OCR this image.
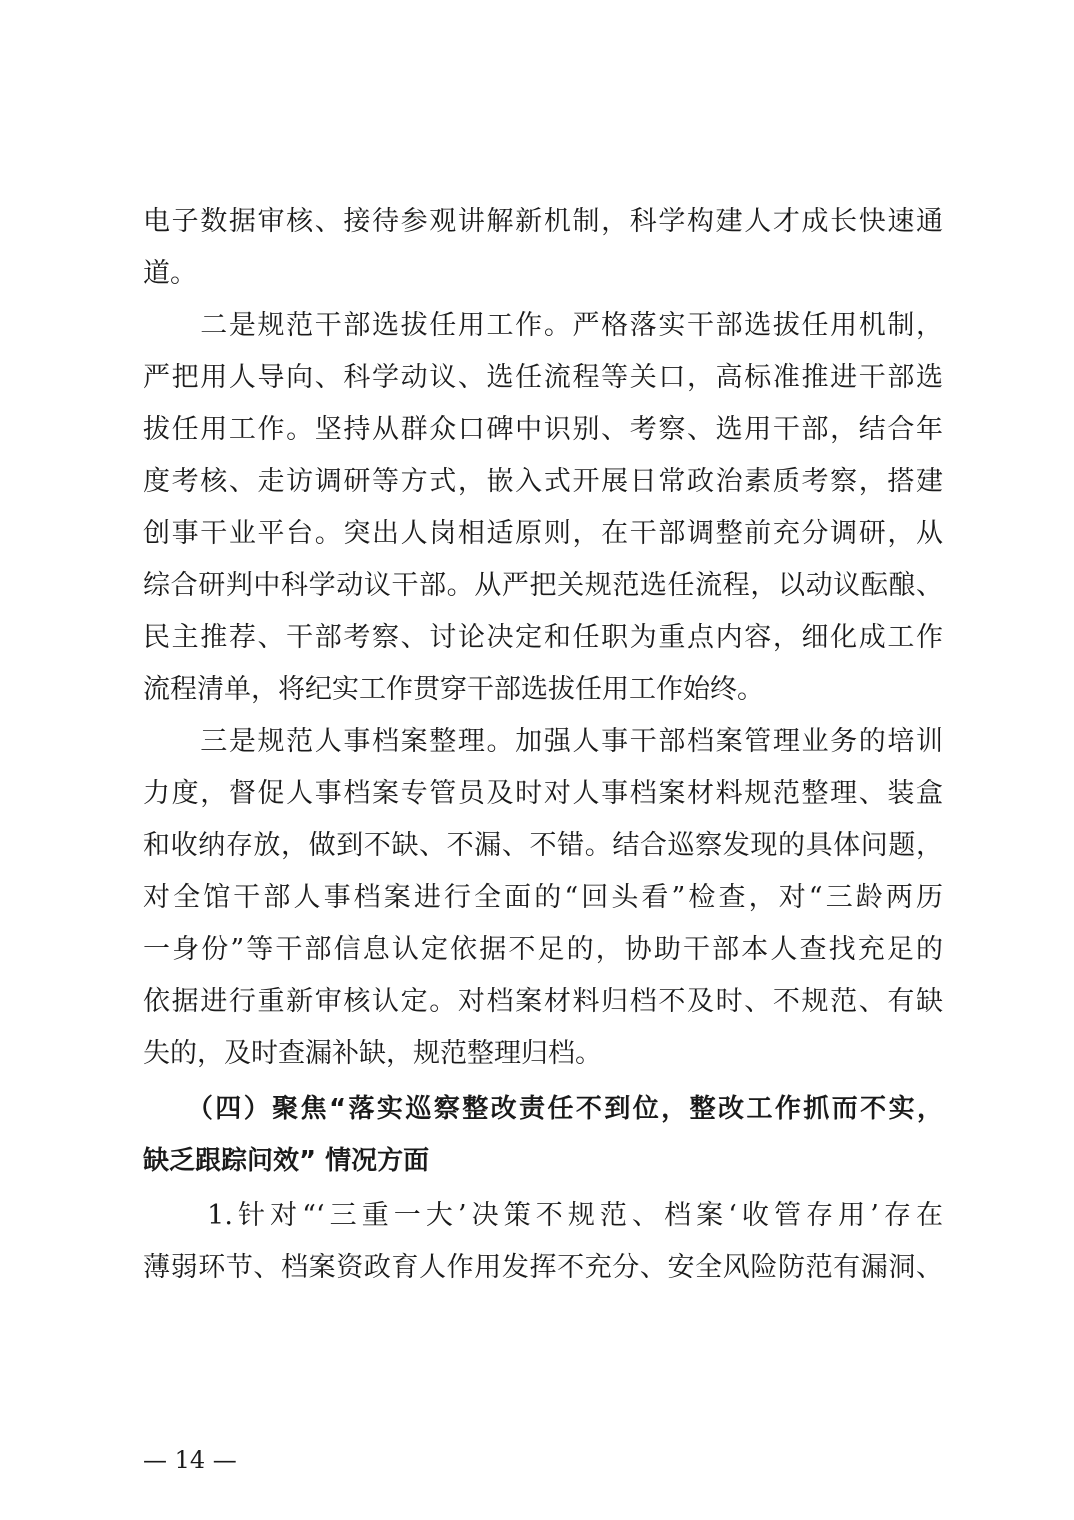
电子数据审核、接待参观讲解新机制，科学构建人才成长快速通
道。
　　二是规范干部选拔任用工作。严格落实干部选拔任用机制，
严把用人导向、科学动议、选任流程等关口，高标准推进干部选
拔任用工作。坚持从群众口碑中识别、考察、选用干部，结合年
度考核、走访调研等方式，嵌入式开展日常政治素质考察，搭建
创事干业平台。突出人岗相适原则，在干部调整前充分调研，从
综合研判中科学动议干部。从严把关规范选任流程，以动议酝酿、
民主推荐、干部考察、讨论决定和任职为重点内容，细化成工作
流程清单，将纪实工作贯穿干部选拔任用工作始终。
　　三是规范人事档案整理。加强人事干部档案管理业务的培训
力度，督促人事档案专管员及时对人事档案材料规范整理、装盒
和收纳存放，做到不缺、不漏、不错。结合巡察发现的具体问题，
对全馆干部人事档案进行全面的“回头看”检查，对“三龄两历
一身份”等干部信息认定依据不足的，协助干部本人查找充足的
依据进行重新审核认定。对档案材料归档不及时、不规范、有缺
失的，及时查漏补缺，规范整理归档。
　　（四）聚焦“落实巡察整改责任不到位，整改工作抓而不实，
缺乏跟踪问效” 情况方面
　　1.针对“‘三重一大’决策不规范、档案‘收管存用’存在
薄弱环节、档案资政育人作用发挥不充分、安全风险防范有漏洞、
— 14 —
